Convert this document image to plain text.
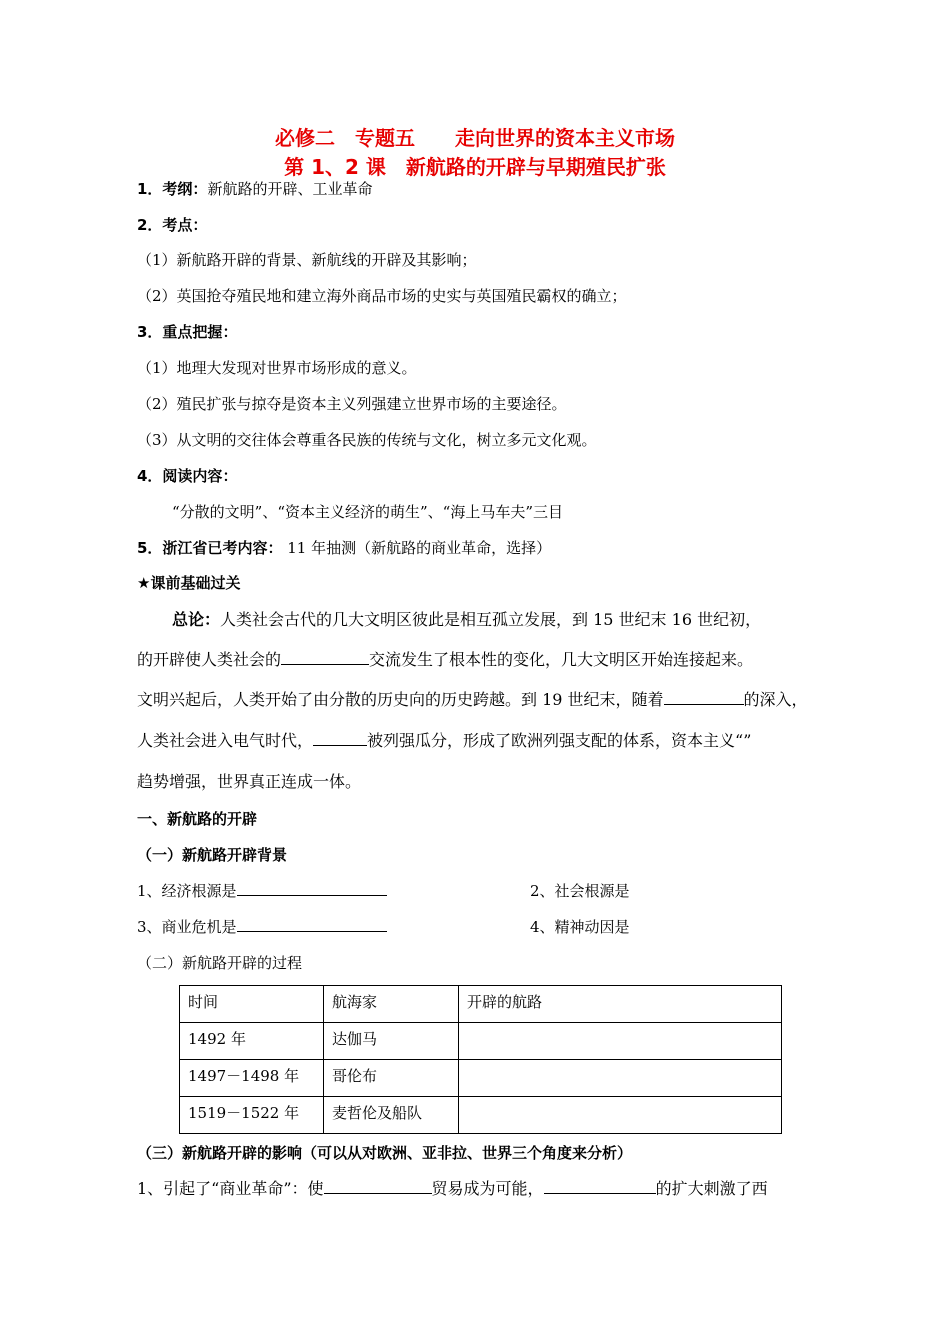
必修二　专题五　　走向世界的资本主义市场
第 1、2 课　新航路的开辟与早期殖民扩张
1．考纲：新航路的开辟、工业革命
2．考点：
（1）新航路开辟的背景、新航线的开辟及其影响；
（2）英国抢夺殖民地和建立海外商品市场的史实与英国殖民霸权的确立；
3．重点把握：
（1）地理大发现对世界市场形成的意义。
（2）殖民扩张与掠夺是资本主义列强建立世界市场的主要途径。
（3）从文明的交往体会尊重各民族的传统与文化，树立多元文化观。
4．阅读内容：
“分散的文明”、“资本主义经济的萌生”、“海上马车夫”三目
5．浙江省已考内容： 11 年抽测（新航路的商业革命，选择）
★课前基础过关
总论：人类社会古代的几大文明区彼此是相互孤立发展，到 15 世纪末 16 世纪初，
的开辟使人类社会的	交流发生了根本性的变化，几大文明区开始连接起来。
文明兴起后，人类开始了由分散的历史向的历史跨越。到 19 世纪末，随着	的深入，
人类社会进入电气时代，	被列强瓜分，形成了欧洲列强支配的体系，资本主义“”
趋势增强，世界真正连成一体。
一、新航路的开辟
（一）新航路开辟背景
1、经济根源是	2、社会根源是
3、商业危机是	4、精神动因是
（二）新航路开辟的过程
时间	航海家	开辟的航路
1492 年	达伽马	
1497－1498 年	哥伦布	
1519－1522 年	麦哲伦及船队	
（三）新航路开辟的影响（可以从对欧洲、亚非拉、世界三个角度来分析）
1、引起了“商业革命”：使	贸易成为可能，	的扩大刺激了西
